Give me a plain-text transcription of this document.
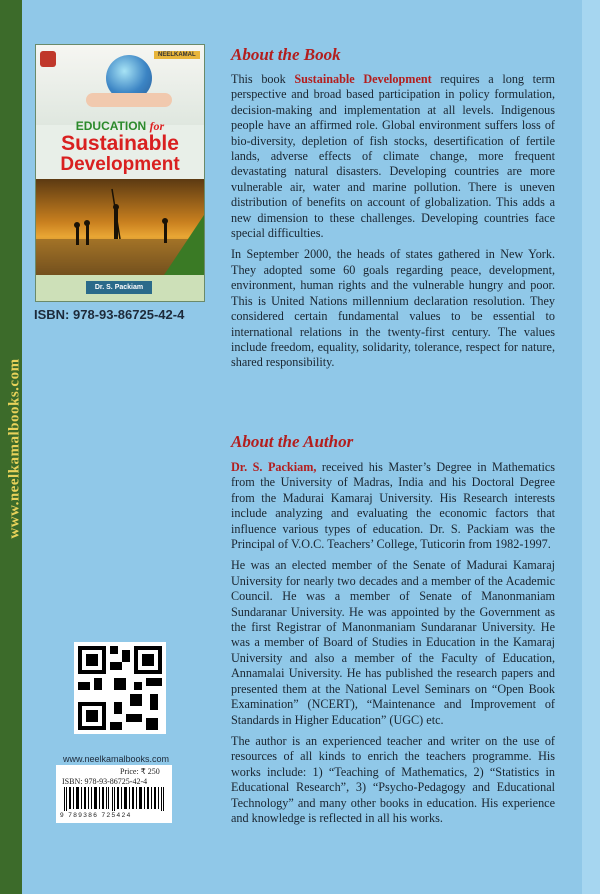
www.neelkamalbooks.com
NEELKAMAL
EDUCATION for
Sustainable
Development
Dr. S. Packiam
ISBN: 978-93-86725-42-4
About the Book

This book Sustainable Development requires a long term perspective and broad based participation in policy formulation, decision-making and implementation at all levels. Indigenous people have an affirmed role. Global environment suffers loss of bio-diversity, depletion of fish stocks, desertification of fertile lands, adverse effects of climate change, more frequent devastating natural disasters. Developing countries are more vulnerable air, water and marine pollution. There is uneven distribution of benefits on account of globalization. This adds a new dimension to these challenges. Developing countries face special difficulties.

In September 2000, the heads of states gathered in New York. They adopted some 60 goals regarding peace, development, environment, human rights and the vulnerable hungry and poor. This is United Nations millennium declaration resolution. They considered certain fundamental values to be essential to international relations in the twenty-first century. The values include freedom, equality, solidarity, tolerance, respect for nature, shared responsibility.

About the Author

Dr. S. Packiam, received his Master’s Degree in Mathematics from the University of Madras, India and his Doctoral Degree from the Madurai Kamaraj University. His Research interests include analyzing and evaluating the economic factors that influence various types of education. Dr. S. Packiam was the Principal of V.O.C. Teachers’ College, Tuticorin from 1982-1997.

He was an elected member of the Senate of Madurai Kamaraj University for nearly two decades and a member of the Academic Council. He was a member of Senate of Manonmaniam Sundaranar University. He was appointed by the Government as the first Registrar of Manonmaniam Sundaranar University. He was a member of Board of Studies in Education in the Kamaraj University and also a member of the Faculty of Education, Annamalai University. He has published the research papers and presented them at the National Level Seminars on “Open Book Examination” (NCERT), “Maintenance and Improvement of Standards in Higher Education” (UGC) etc.

The author is an experienced teacher and writer on the use of resources of all kinds to enrich the teachers programme. His works include: 1) “Teaching of Mathematics, 2) “Statistics in Educational Research”, 3) “Psycho-Pedagogy and Educational Technology” and many other books in education. His experience and knowledge is reflected in all his works.

www.neelkamalbooks.com
Price: ₹ 250
ISBN: 978-93-86725-42-4
9 789386 725424
